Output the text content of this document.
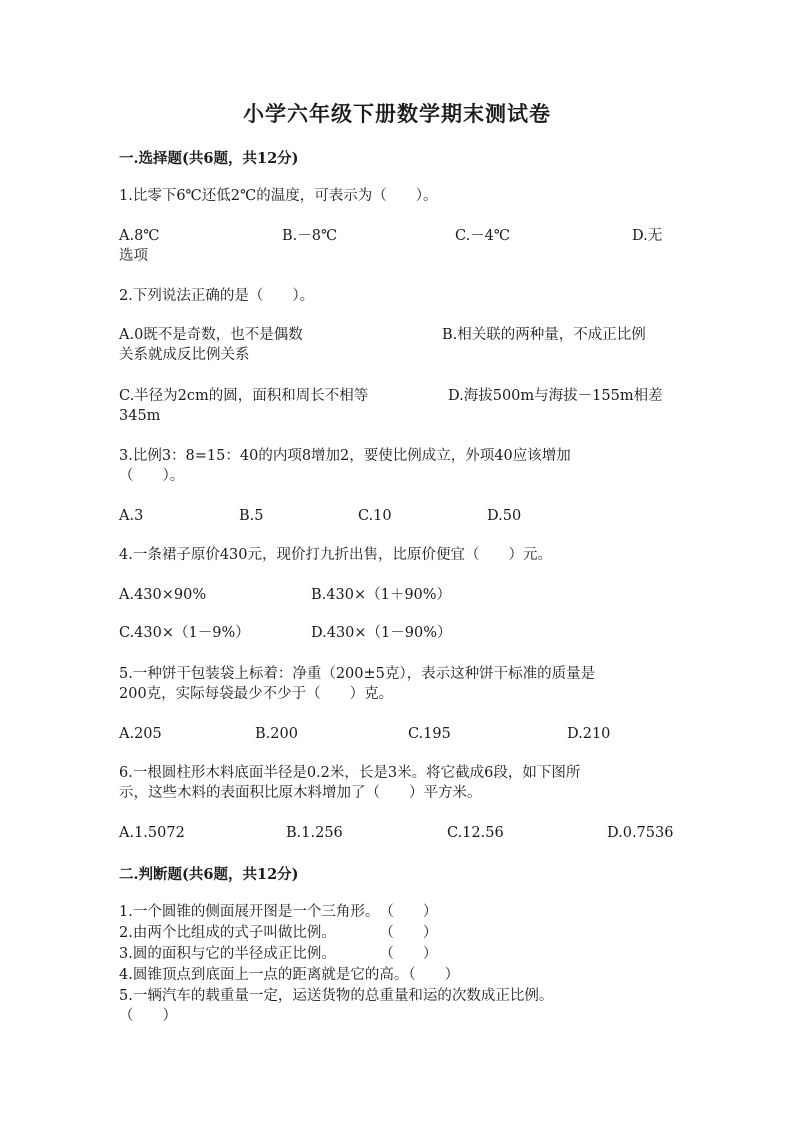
小学六年级下册数学期末测试卷
一.选择题(共6题，共12分)
1.比零下6℃还低2℃的温度，可表示为（　　）。
A.8℃	B.－8℃	C.－4℃	D.无
选项
2.下列说法正确的是（　　）。
A.0既不是奇数，也不是偶数	B.相关联的两种量，不成正比例
关系就成反比例关系
C.半径为2cm的圆，面积和周长不相等	D.海拔500m与海拔－155m相差
345m
3.比例3：8=15：40的内项8增加2，要使比例成立，外项40应该增加
（　　）。
A.3	B.5	C.10	D.50
4.一条裙子原价430元，现价打九折出售，比原价便宜（　　）元。
A.430×90%	B.430×（1＋90%）
C.430×（1－9%）	D.430×（1－90%）
5.一种饼干包装袋上标着：净重（200±5克），表示这种饼干标准的质量是
200克，实际每袋最少不少于（　　）克。
A.205	B.200	C.195	D.210
6.一根圆柱形木料底面半径是0.2米，长是3米。将它截成6段，如下图所
示，这些木料的表面积比原木料增加了（　　）平方米。
A.1.5072	B.1.256	C.12.56	D.0.7536
二.判断题(共6题，共12分)
1.一个圆锥的侧面展开图是一个三角形。　（　　）
2.由两个比组成的式子叫做比例。　　　　（　　）
3.圆的面积与它的半径成正比例。　　　　（　　）
4.圆锥顶点到底面上一点的距离就是它的高。（　　）
5.一辆汽车的载重量一定，运送货物的总重量和运的次数成正比例。
（　　）
